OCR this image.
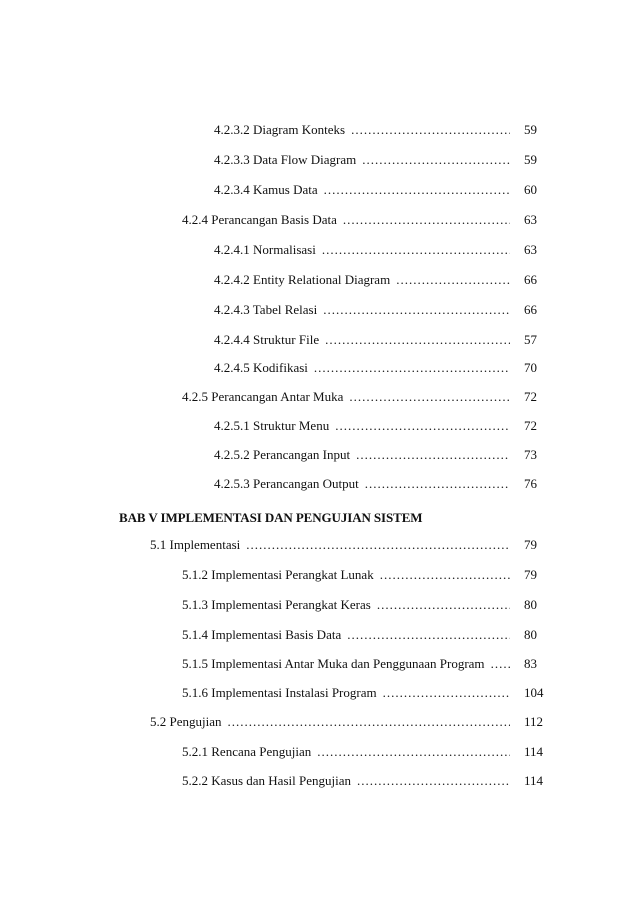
4.2.3.2 Diagram Konteks .....	59
4.2.3.3 Data Flow Diagram .....	59
4.2.3.4 Kamus Data .....	60
4.2.4 Perancangan Basis Data .....	63
4.2.4.1 Normalisasi .....	63
4.2.4.2 Entity Relational Diagram .....	66
4.2.4.3 Tabel Relasi .....	66
4.2.4.4 Struktur File .....	57
4.2.4.5 Kodifikasi .....	70
4.2.5 Perancangan Antar Muka .....	72
4.2.5.1 Struktur Menu .....	72
4.2.5.2 Perancangan Input .....	73
4.2.5.3 Perancangan Output .....	76
BAB V IMPLEMENTASI DAN PENGUJIAN SISTEM
5.1 Implementasi .....	79
5.1.2 Implementasi Perangkat Lunak .....	79
5.1.3 Implementasi Perangkat Keras .....	80
5.1.4 Implementasi Basis Data .....	80
5.1.5 Implementasi Antar Muka dan Penggunaan Program .....	83
5.1.6 Implementasi Instalasi Program .....	104
5.2 Pengujian .....	112
5.2.1 Rencana Pengujian .....	114
5.2.2 Kasus dan Hasil Pengujian .....	114
